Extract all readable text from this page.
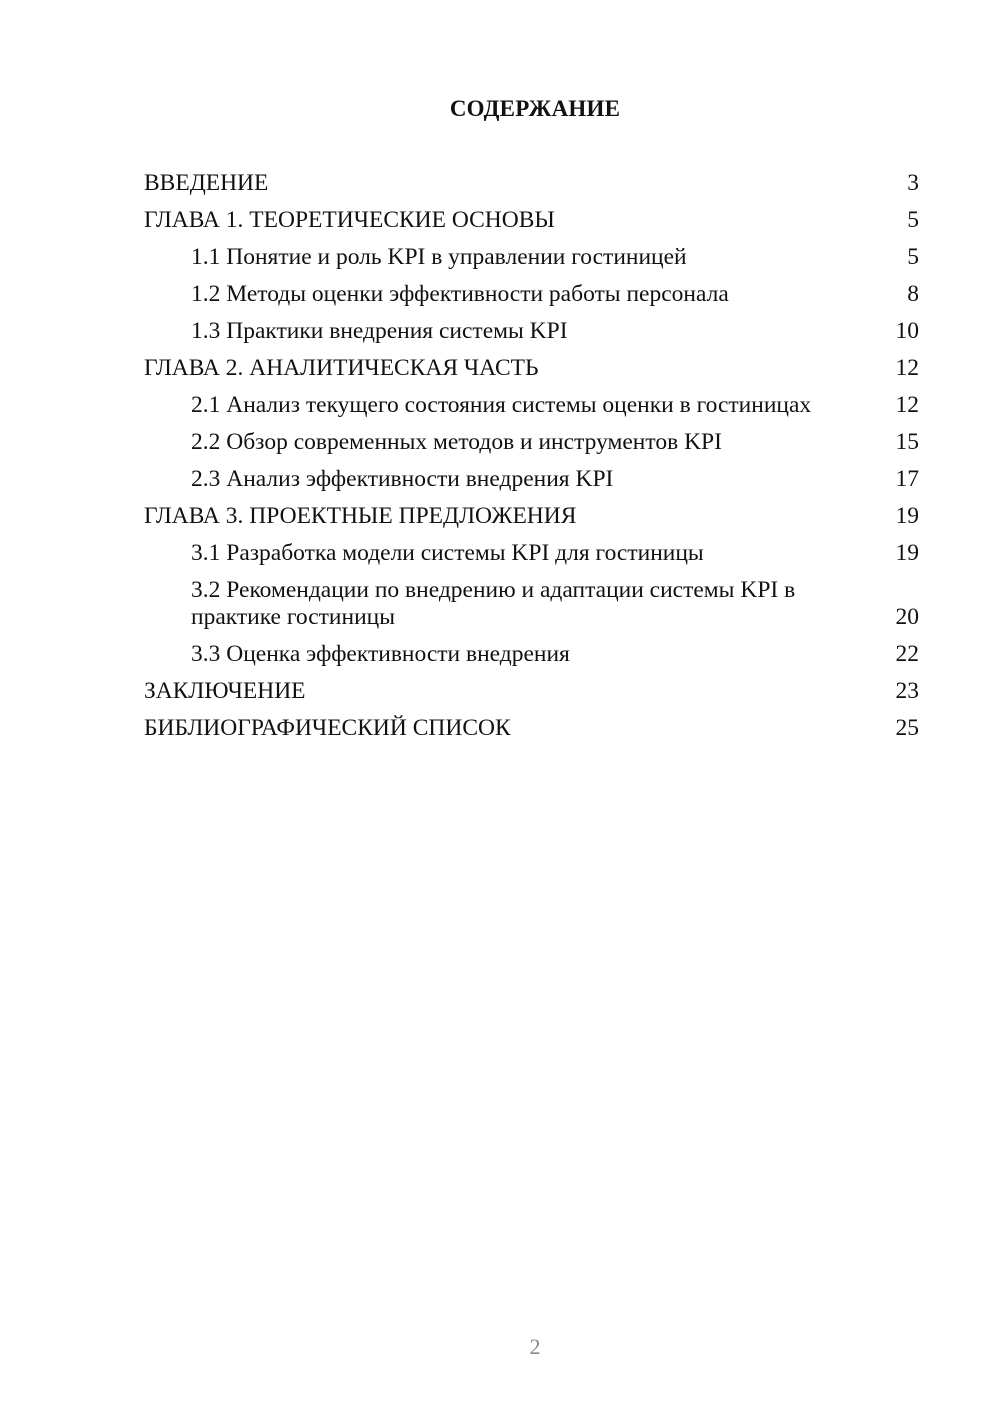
СОДЕРЖАНИЕ
ВВЕДЕНИЕ	3
ГЛАВА 1. ТЕОРЕТИЧЕСКИЕ ОСНОВЫ	5
1.1 Понятие и роль KPI в управлении гостиницей	5
1.2 Методы оценки эффективности работы персонала	8
1.3 Практики внедрения системы KPI	10
ГЛАВА 2. АНАЛИТИЧЕСКАЯ ЧАСТЬ	12
2.1 Анализ текущего состояния системы оценки в гостиницах	12
2.2 Обзор современных методов и инструментов KPI	15
2.3 Анализ эффективности внедрения KPI	17
ГЛАВА 3. ПРОЕКТНЫЕ ПРЕДЛОЖЕНИЯ	19
3.1 Разработка модели системы KPI для гостиницы	19
3.2 Рекомендации по внедрению и адаптации системы KPI в практике гостиницы	20
3.3 Оценка эффективности внедрения	22
ЗАКЛЮЧЕНИЕ	23
БИБЛИОГРАФИЧЕСКИЙ СПИСОК	25
2
